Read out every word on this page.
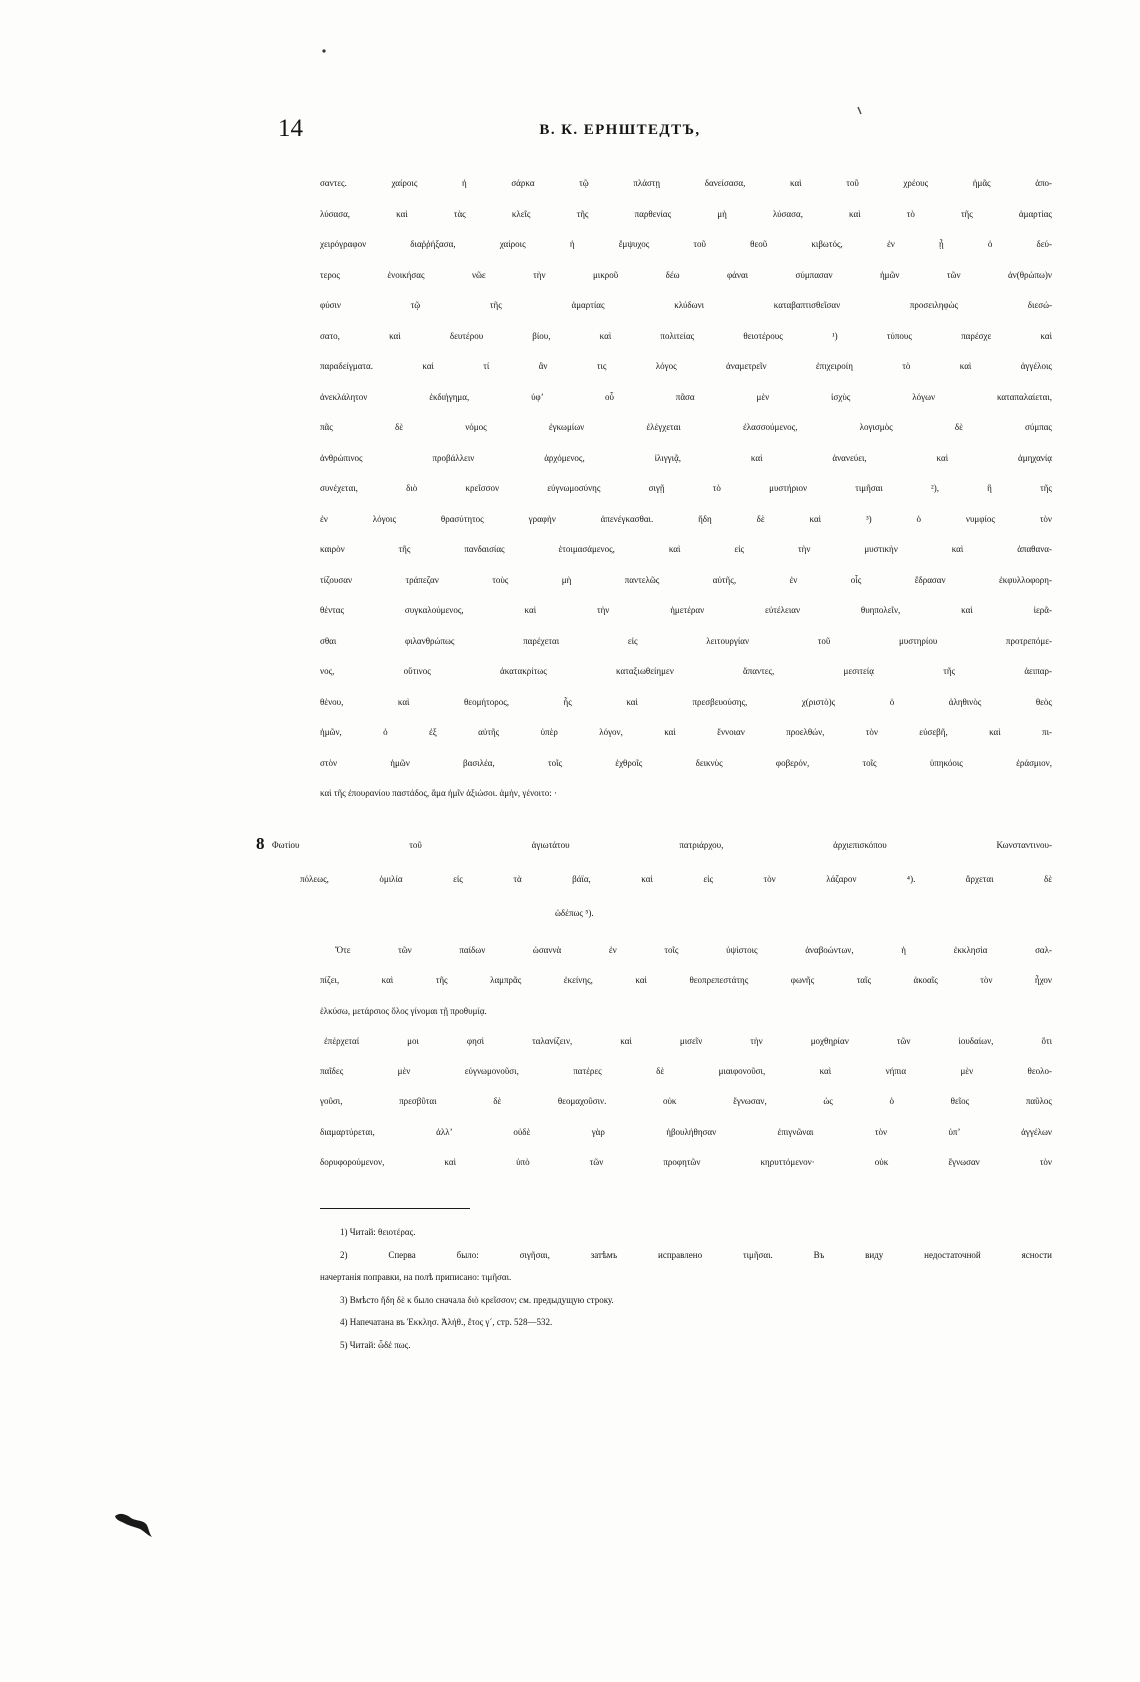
14	В. К. ЕРНШТЕДТЪ,
σαντες. χαίροις ἡ σάρκα τῷ πλάστῃ δανείσασα, καὶ τοῦ χρέους ἡμᾶς ἀπο-
λύσασα, καὶ τὰς κλεῖς τῆς παρθενίας μὴ λύσασα, καὶ τὸ τῆς ἁμαρτίας
χειρόγραφον διαῤῥήξασα, χαίροις ἡ ἔμψυχος τοῦ θεοῦ κιβωτός, ἐν ᾗ ὁ δεύ-
τερος ἐνοικήσας νῶε τὴν μικροῦ δέω φάναι σύμπασαν ἡμῶν τῶν ἀν(θρώπω)ν
φύσιν τῷ τῆς ἁμαρτίας κλύδωνι καταβαπτισθεῖσαν προσειληφὼς διεσώ-
σατο, καὶ δευτέρου βίου, καὶ πολιτείας θειοτέρους ¹) τύπους παρέσχε καὶ
παραδείγματα. καὶ τί ἂν τις λόγος ἀναμετρεῖν ἐπιχειροίη τὸ καὶ ἀγγέλοις
ἀνεκλάλητον ἐκδιήγημα, ὑφ’ οὗ πᾶσα μὲν ἰσχὺς λόγων καταπαλαίεται,
πᾶς δὲ νόμος ἐγκωμίων ἐλέγχεται ἐλασσούμενος, λογισμὸς δὲ σύμπας
ἀνθρώπινος προβάλλειν ἀρχόμενος, ἰλιγγιᾷ, καὶ ἀνανεύει, καὶ ἀμηχανίᾳ
συνέχεται, διὸ κρεῖσσον εὐγνωμοσύνης σιγῇ τὸ μυστήριον τιμῆσαι ²), ἢ τῆς
ἐν λόγοις θρασύτητος γραφὴν ἀπενέγκασθαι. ἤδη δὲ καὶ ³) ὁ νυμφίος τὸν
καιρὸν τῆς πανδαισίας ἑτοιμασάμενος, καὶ εἰς τὴν μυστικὴν καὶ ἀπαθανα-
τίζουσαν τράπεζαν τοὺς μὴ παντελῶς αὐτῆς, ἐν οἷς ἕδρασαν ἐκφυλλοφορη-
θέντας συγκαλούμενος, καὶ τὴν ἡμετέραν εὐτέλειαν θυηπολεῖν, καὶ ἱερᾶ-
σθαι φιλανθρώπως παρέχεται εἰς λειτουργίαν τοῦ μυστηρίου προτρεπόμε-
νος, οὕτινος ἀκατακρίτως καταξιωθείημεν ἅπαντες, μεσιτείᾳ τῆς ἀειπαρ-
θένου, καὶ θεομήτορος, ἧς καὶ πρεσβευούσης, χ(ριστὸ)ς ὁ ἀληθινὸς θεὸς
ἡμῶν, ὁ ἐξ αὐτῆς ὑπὲρ λόγον, καὶ ἔννοιαν προελθών, τὸν εὐσεβῆ, καὶ πι-
στὸν ἡμῶν βασιλέα, τοῖς ἐχθροῖς δεικνὺς φοβερόν, τοῖς ὑπηκόοις ἐράσμιον,
καὶ τῆς ἐπουρανίου παστάδος, ἅμα ἡμῖν ἀξιώσοι. ἀμὴν, γένοιτο: ·
8 Φωτίου τοῦ ἁγιωτάτου πατριάρχου, ἀρχιεπισκόπου Κωνσταντινου-
πόλεως, ὁμιλία εἰς τὰ βάϊα, καὶ εἰς τὸν λάζαρον ⁴). ἄρχεται δὲ
ὡδέπως ⁵).
Ὅτε τῶν παίδων ὡσαννὰ ἐν τοῖς ὑψίστοις ἀναβοώντων, ἡ ἐκκλησία σαλ-
πίζει, καὶ τῆς λαμπρᾶς ἐκείνης, καὶ θεοπρεπεστάτης φωνῆς ταῖς ἀκοαῖς τὸν ἦχον
ἑλκύσω, μετάρσιος ὅλος γίνομαι τῇ προθυμίᾳ.
ἐπέρχεταί μοι φησὶ ταλανίζειν, καὶ μισεῖν τὴν μοχθηρίαν τῶν ἰουδαίων, ὅτι
παῖδες μὲν εὐγνωμονοῦσι, πατέρες δὲ μιαιφονοῦσι, καὶ νήπια μὲν θεολο-
γοῦσι, πρεσβῦται δὲ θεομαχοῦσιν. οὐκ ἔγνωσαν, ὡς ὁ θεῖος παῦλος
διαμαρτύρεται, ἀλλ’ οὐδὲ γὰρ ἠβουλήθησαν ἐπιγνῶναι τὸν ὑπ’ ἀγγέλων
δορυφορούμενον, καὶ ὑπὸ τῶν προφητῶν κηρυττόμενον· οὐκ ἔγνωσαν τὸν
1) Читай: θειοτέρας.
2) Сперва было: σιγῆσαι, затѣмъ исправлено τιμῆσαι. Въ виду недостаточной ясности
начертанія поправки, на полѣ приписано: τιμῆσαι.
3) Вмѣсто ἤδη δὲ κ было сначала διὸ κρεῖσσον; см. предыдущую строку.
4) Напечатана въ Ἐκκλησ. Ἀλήθ., ἔτος γ´, стр. 528—532.
5) Читай: ὧδέ πως.
